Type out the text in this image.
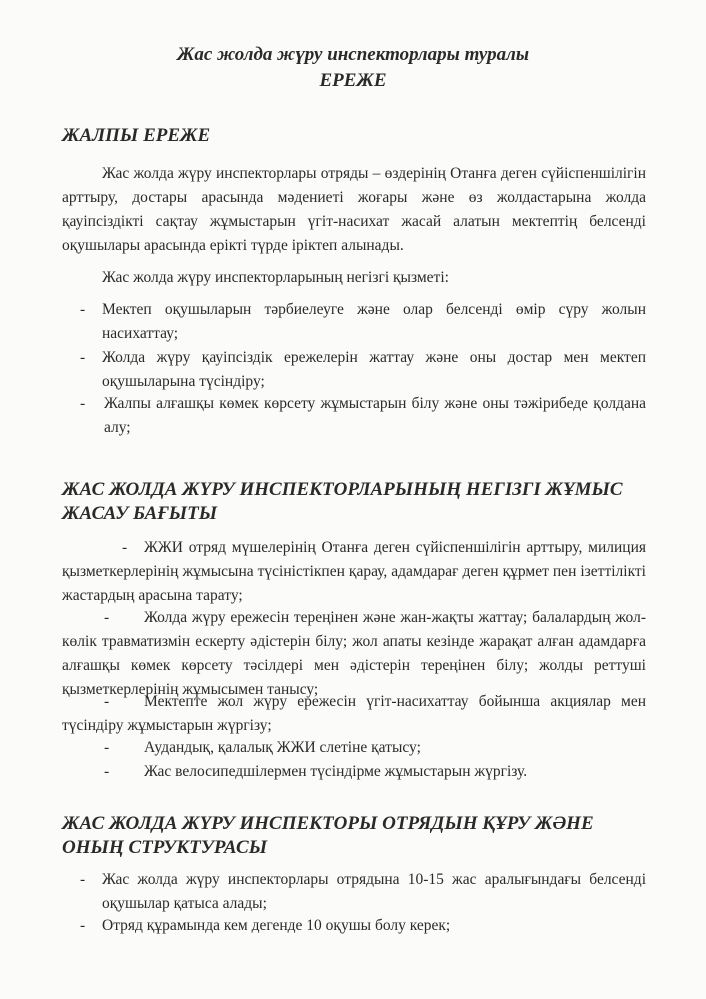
Жас жолда жүру инспекторлары туралы
ЕРЕЖЕ
ЖАЛПЫ ЕРЕЖЕ
Жас жолда жүру инспекторлары отряды – өздерінің Отанға деген сүйіспеншілігін арттыру, достары арасында мәдениеті жоғары және өз жолдастарына жолда қауіпсіздікті сақтау жұмыстарын үгіт-насихат жасай алатын мектептің белсенді оқушылары арасында ерікті түрде іріктеп алынады.
Жас жолда жүру инспекторларының негізгі қызметі:
- Мектеп оқушыларын тәрбиелеуге және олар белсенді өмір сүру жолын насихаттау;
- Жолда жүру қауіпсіздік ережелерін жаттау және оны достар мен мектеп оқушыларына түсіндіру;
- Жалпы алғашқы көмек көрсету жұмыстарын білу және оны тәжірибеде қолдана алу;
ЖАС ЖОЛДА ЖҮРУ ИНСПЕКТОРЛАРЫНЫҢ НЕГІЗГІ ЖҰМЫС ЖАСАУ БАҒЫТЫ
-	ЖЖИ отряд мүшелерінің Отанға деген сүйіспеншілігін арттыру, милиция қызметкерлерінің жұмысына түсіністікпен қарау, адамдарағ деген құрмет пен ізеттілікті жастардың арасына тарату;
-	Жолда жүру ережесін тереңінен және жан-жақты жаттау; балалардың жол-көлік травматизмін ескерту әдістерін білу; жол апаты кезінде жарақат алған адамдарға алғашқы көмек көрсету тәсілдері мен әдістерін тереңінен білу; жолды реттуші қызметкерлерінің жұмысымен танысу;
-	Мектепте жол жүру ережесін үгіт-насихаттау бойынша акциялар мен түсіндіру жұмыстарын жүргізу;
- Аудандық, қалалық ЖЖИ слетіне қатысу;
- Жас велосипедшілермен түсіндірме жұмыстарын жүргізу.
ЖАС ЖОЛДА ЖҮРУ ИНСПЕКТОРЫ ОТРЯДЫН ҚҰРУ ЖӘНЕ ОНЫҢ СТРУКТУРАСЫ
- Жас жолда жүру инспекторлары отрядына 10-15 жас аралығындағы белсенді оқушылар қатыса алады;
- Отряд құрамында кем дегенде 10 оқушы болу керек;
